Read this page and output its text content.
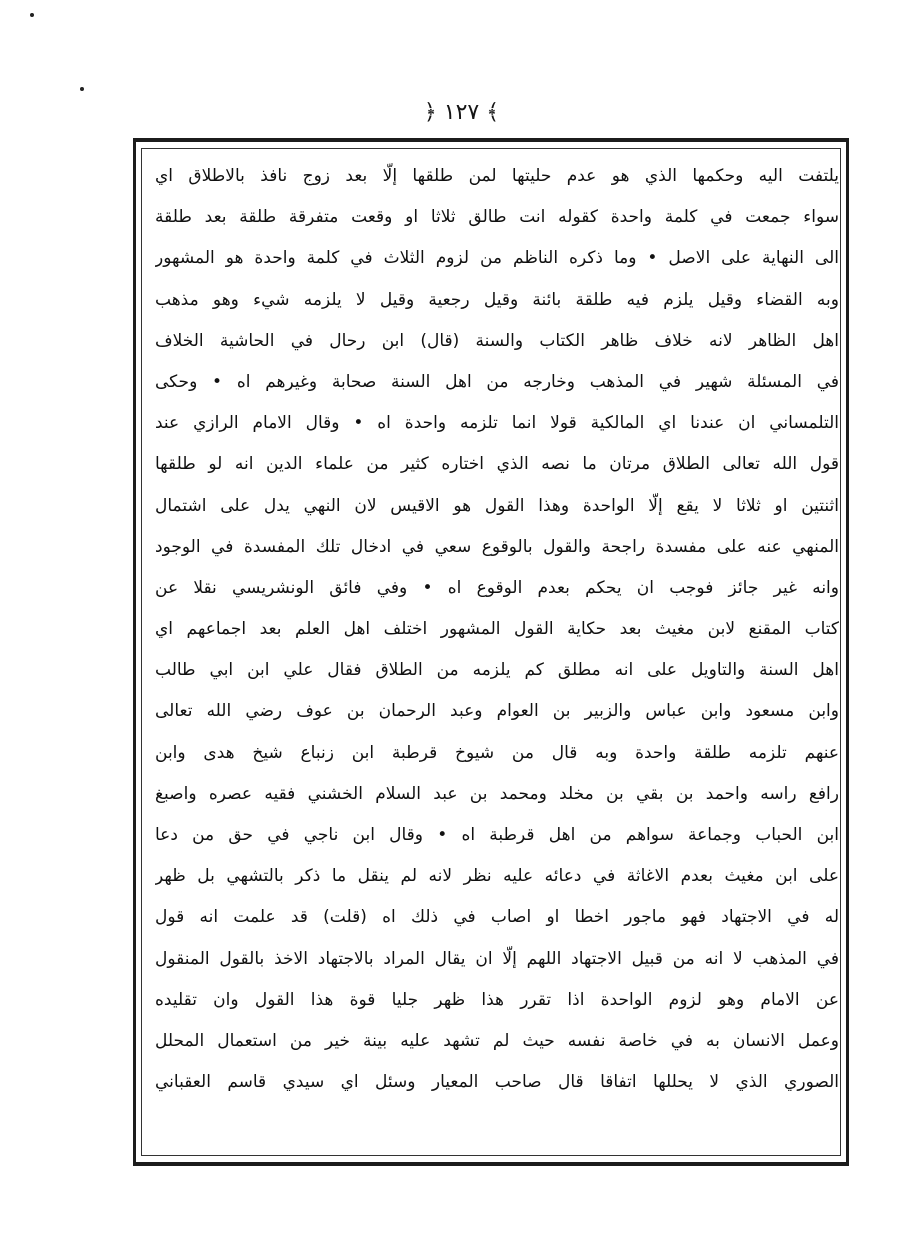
﴾ ١٢٧ ﴿
يلتفت اليه وحكمها الذي هو عدم حليتها لمن طلقها إلّا بعد زوج نافذ بالاطلاق اي
سواء جمعت في كلمة واحدة كقوله انت طالق ثلاثا او وقعت متفرقة طلقة بعد طلقة
الى النهاية على الاصل • وما ذكره الناظم من لزوم الثلاث في كلمة واحدة هو المشهور
وبه القضاء وقيل يلزم فيه طلقة بائنة وقيل رجعية وقيل لا يلزمه شيء وهو مذهب
اهل الظاهر لانه خلاف ظاهر الكتاب والسنة (قال) ابن رحال في الحاشية الخلاف
في المسئلة شهير في المذهب وخارجه من اهل السنة صحابة وغيرهم اه • وحكى
التلمساني ان عندنا اي المالكية قولا انما تلزمه واحدة اه • وقال الامام الرازي عند
قول الله تعالى الطلاق مرتان ما نصه الذي اختاره كثير من علماء الدين انه لو طلقها
اثنتين او ثلاثا لا يقع إلّا الواحدة وهذا القول هو الاقيس لان النهي يدل على اشتمال
المنهي عنه على مفسدة راجحة والقول بالوقوع سعي في ادخال تلك المفسدة في الوجود
وانه غير جائز فوجب ان يحكم بعدم الوقوع اه • وفي فائق الونشريسي نقلا عن
كتاب المقنع لابن مغيث بعد حكاية القول المشهور اختلف اهل العلم بعد اجماعهم اي
اهل السنة والتاويل على انه مطلق كم يلزمه من الطلاق فقال علي ابن ابي طالب
وابن مسعود وابن عباس والزبير بن العوام وعبد الرحمان بن عوف رضي الله تعالى
عنهم تلزمه طلقة واحدة وبه قال من شيوخ قرطبة ابن زنباع شيخ هدى وابن
رافع راسه واحمد بن بقي بن مخلد ومحمد بن عبد السلام الخشني فقيه عصره واصبغ
ابن الحباب وجماعة سواهم من اهل قرطبة اه • وقال ابن ناجي في حق من دعا
على ابن مغيث بعدم الاغاثة في دعائه عليه نظر لانه لم ينقل ما ذكر بالتشهي بل ظهر
له في الاجتهاد فهو ماجور اخطا او اصاب في ذلك اه (قلت) قد علمت انه قول
في المذهب لا انه من قبيل الاجتهاد اللهم إلّا ان يقال المراد بالاجتهاد الاخذ بالقول المنقول
عن الامام وهو لزوم الواحدة اذا تقرر هذا ظهر جليا قوة هذا القول وان تقليده
وعمل الانسان به في خاصة نفسه حيث لم تشهد عليه بينة خير من استعمال المحلل
الصوري الذي لا يحللها اتفاقا قال صاحب المعيار وسئل اي سيدي قاسم العقباني
